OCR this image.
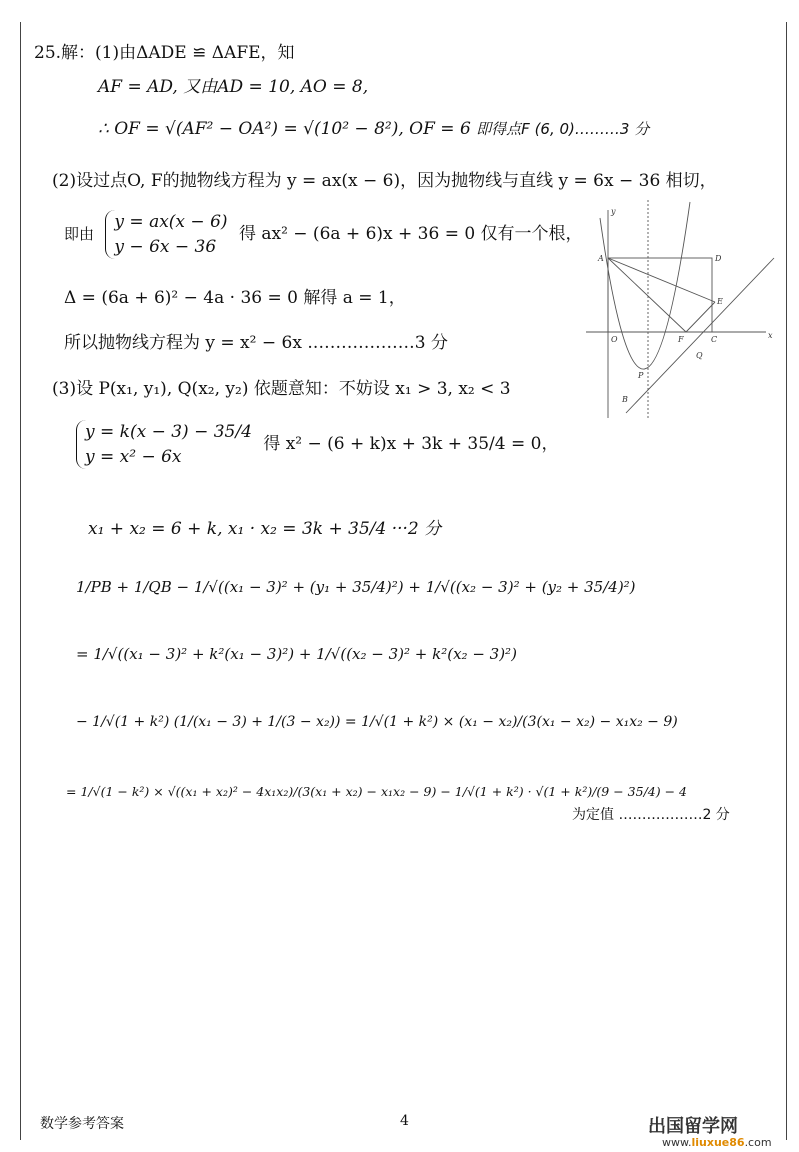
25.解：(1)由ΔADE ≌ ΔAFE，知
AF = AD, 又由AD = 10, AO = 8,
∴ OF = √(AF² − OA²) = √(10² − 8²), OF = 6 即得点F (6, 0)………3 分
(2)设过点O, F的抛物线方程为 y = ax(x − 6)，因为抛物线与直线 y = 6x − 36 相切，
即由
y = ax(x − 6)
y − 6x − 36
得 ax² − (6a + 6)x + 36 = 0 仅有一个根，
Δ = (6a + 6)² − 4a · 36 = 0 解得 a = 1，
所以抛物线方程为 y = x² − 6x .………………3 分
(3)设 P(x₁, y₁), Q(x₂, y₂) 依题意知：不妨设 x₁ > 3, x₂ < 3
y = k(x − 3) − 35/4
y = x² − 6x
得 x² − (6 + k)x + 3k + 35/4 = 0，
x₁ + x₂ = 6 + k, x₁ · x₂ = 3k + 35/4 ···2 分
1/PB + 1/QB − 1/√((x₁ − 3)² + (y₁ + 35/4)²) + 1/√((x₂ − 3)² + (y₂ + 35/4)²)
= 1/√((x₁ − 3)² + k²(x₁ − 3)²) + 1/√((x₂ − 3)² + k²(x₂ − 3)²)
− 1/√(1 + k²) (1/(x₁ − 3) + 1/(3 − x₂)) = 1/√(1 + k²) × (x₁ − x₂)/(3(x₁ − x₂) − x₁x₂ − 9)
= 1/√(1 − k²) × √((x₁ + x₂)² − 4x₁x₂)/(3(x₁ + x₂) − x₁x₂ − 9) − 1/√(1 + k²) · √(1 + k²)/(9 − 35/4) − 4
为定值 ………………2 分
y
x
A	D
E
F	C
O
P
Q
B
数学参考答案	4	出国留学网
www.liuxue86.com
